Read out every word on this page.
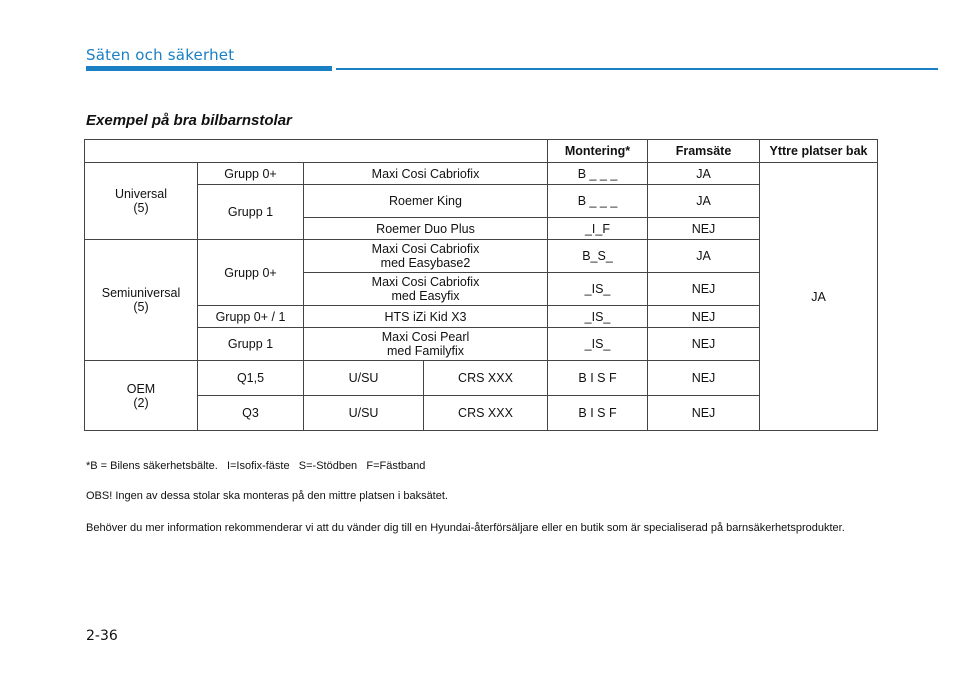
Säten och säkerhet
Exempel på bra bilbarnstolar
				Montering*	Framsäte	Yttre platser bak

Universal
(5)	Grupp 0+	Maxi Cosi Cabriofix		B _ _ _	JA	JA
	Grupp 1	Roemer King		B _ _ _	JA	
		Roemer Duo Plus		_I_F	NEJ	

Semiuniversal
(5)	Grupp 0+	Maxi Cosi Cabriofix
med Easybase2		B_S_	JA	

		Maxi Cosi Cabriofix
med Easyfix		_IS_	NEJ	
	Grupp 0+ / 1	HTS iZi Kid X3		_IS_	NEJ	
	Grupp 1	Maxi Cosi Pearl
med Familyfix		_IS_	NEJ	

OEM
(2)	Q1,5	U/SU	CRS XXX	B I S F	NEJ	
	Q3	U/SU	CRS XXX	B I S F	NEJ	
*B = Bilens säkerhetsbälte.   I=Isofix-fäste   S=-Stödben   F=Fästband
OBS! Ingen av dessa stolar ska monteras på den mittre platsen i baksätet.
Behöver du mer information rekommenderar vi att du vänder dig till en Hyundai-återförsäljare eller en butik som är specialiserad på barnsäkerhetsprodukter.
2-36
